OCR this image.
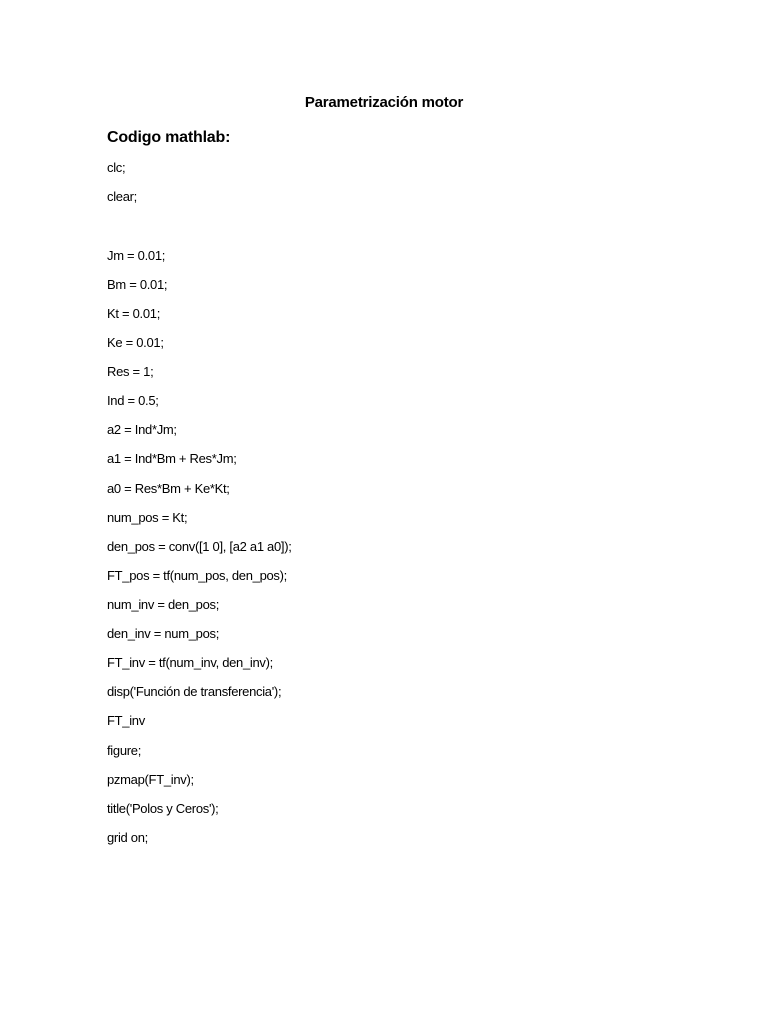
Parametrización motor
Codigo mathlab:
clc;
clear;
Jm = 0.01;
Bm = 0.01;
Kt = 0.01;
Ke = 0.01;
Res = 1;
Ind = 0.5;
a2 = Ind*Jm;
a1 = Ind*Bm + Res*Jm;
a0 = Res*Bm + Ke*Kt;
num_pos = Kt;
den_pos = conv([1 0], [a2 a1 a0]);
FT_pos = tf(num_pos, den_pos);
num_inv = den_pos;
den_inv = num_pos;
FT_inv = tf(num_inv, den_inv);
disp('Función de transferencia');
FT_inv
figure;
pzmap(FT_inv);
title('Polos y Ceros');
grid on;
